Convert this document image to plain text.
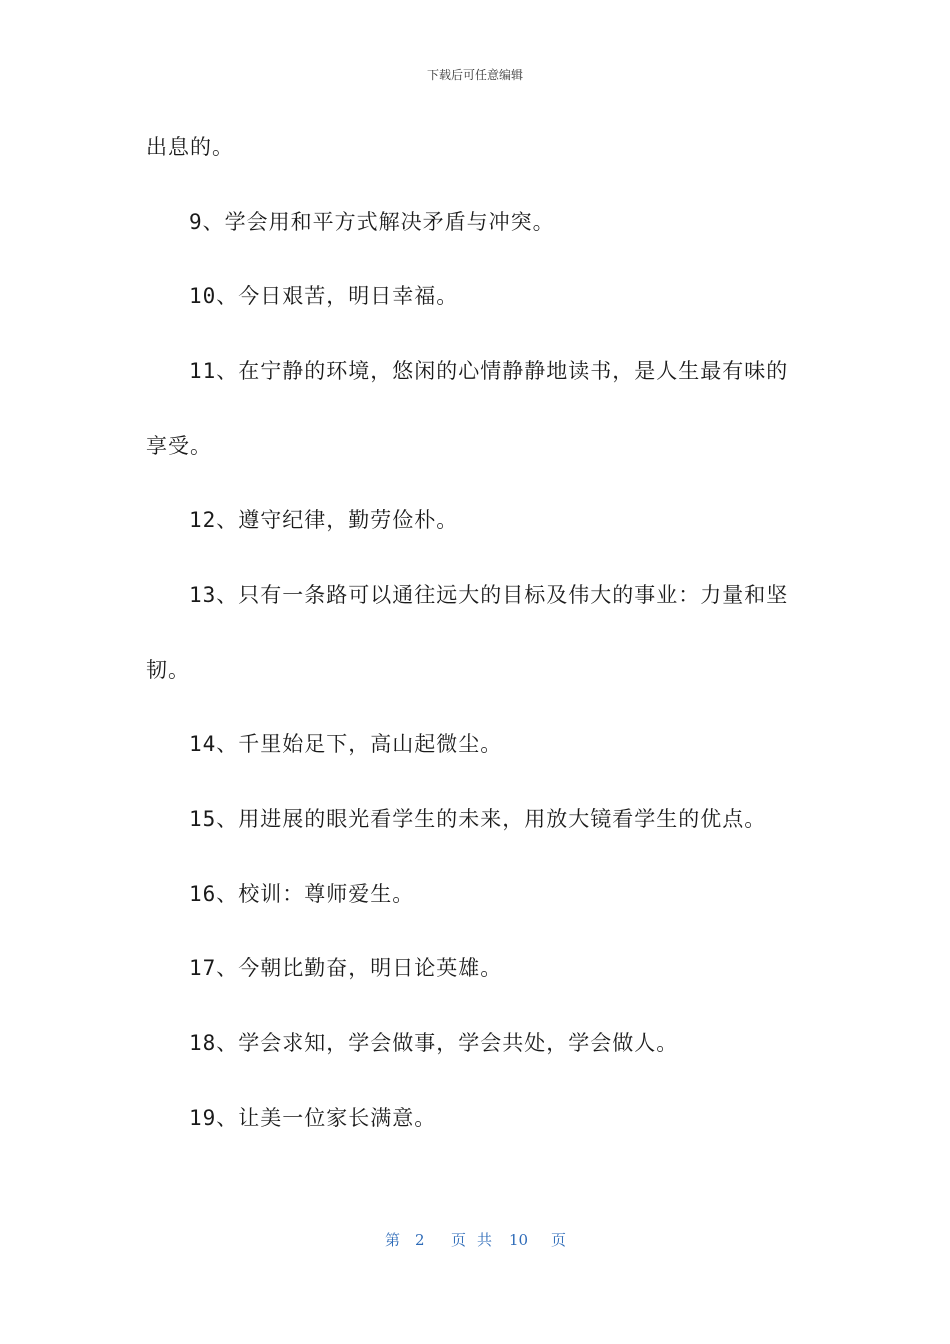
下载后可任意编辑
出息的。
9、学会用和平方式解决矛盾与冲突。
10、今日艰苦，明日幸福。
11、在宁静的环境，悠闲的心情静静地读书，是人生最有味的
享受。
12、遵守纪律，勤劳俭朴。
13、只有一条路可以通往远大的目标及伟大的事业：力量和坚
韧。
14、千里始足下，高山起微尘。
15、用进展的眼光看学生的未来，用放大镜看学生的优点。
16、校训：尊师爱生。
17、今朝比勤奋，明日论英雄。
18、学会求知，学会做事，学会共处，学会做人。
19、让美一位家长满意。
第 2 页 共 10 页
